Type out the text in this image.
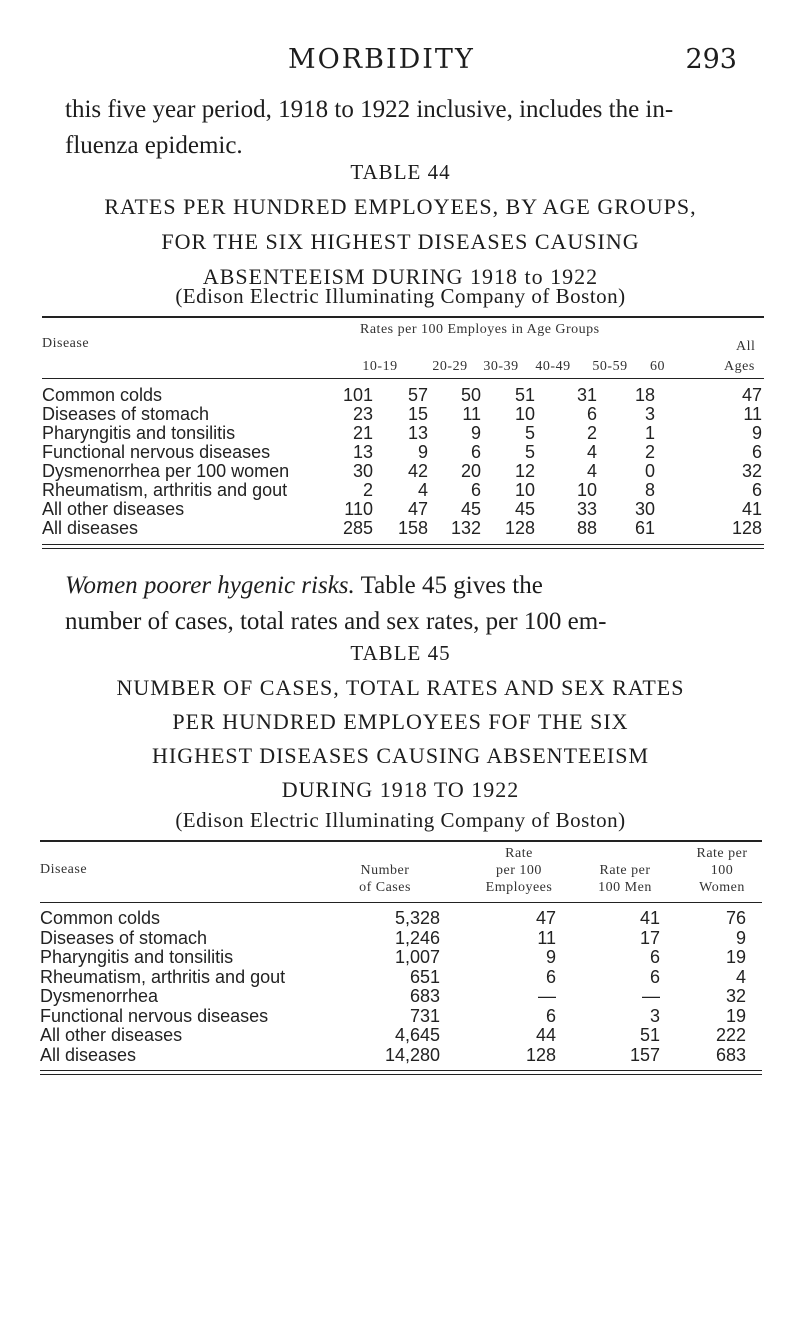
MORBIDITY	293

this five year period, 1918 to 1922 inclusive, includes the in-

fluenza epidemic.

TABLE 44
RATES PER HUNDRED EMPLOYEES, BY AGE GROUPS,
FOR THE SIX HIGHEST DISEASES CAUSING
ABSENTEEISM DURING 1918 to 1922
(Edison Electric Illuminating Company of Boston)
Disease
Rates per 100 Employes in Age Groups
All
10-19	20-29	30-39	40-49	50-59	60	Ages
Common colds	101	57	50	51	31	18	47
Diseases of stomach	23	15	11	10	6	3	11
Pharyngitis and tonsilitis	21	13	9	5	2	1	9
Functional nervous diseases	13	9	6	5	4	2	6
Dysmenorrhea per 100 women	30	42	20	12	4	0	32
Rheumatism, arthritis and gout	2	4	6	10	10	8	6
All other diseases	110	47	45	45	33	30	41
All diseases	285	158	132	128	88	61	128

Women poorer hygenic risks. Table 45 gives the

number of cases, total rates and sex rates, per 100 em-

TABLE 45
NUMBER OF CASES, TOTAL RATES AND SEX RATES
PER HUNDRED EMPLOYEES FOF THE SIX
HIGHEST DISEASES CAUSING ABSENTEEISM
DURING 1918 TO 1922
(Edison Electric Illuminating Company of Boston)
Disease	Number
of Cases
Rate
per 100
Employees
Rate per
100 Men
Rate per
100
Women
Common colds	5,328	47	41	76
Diseases of stomach	1,246	11	17	9
Pharyngitis and tonsilitis	1,007	9	6	19
Rheumatism, arthritis and gout	651	6	6	4
Dysmenorrhea	683	—	—	32
Functional nervous diseases	731	6	3	19
All other diseases	4,645	44	51	222
All diseases	14,280	128	157	683
